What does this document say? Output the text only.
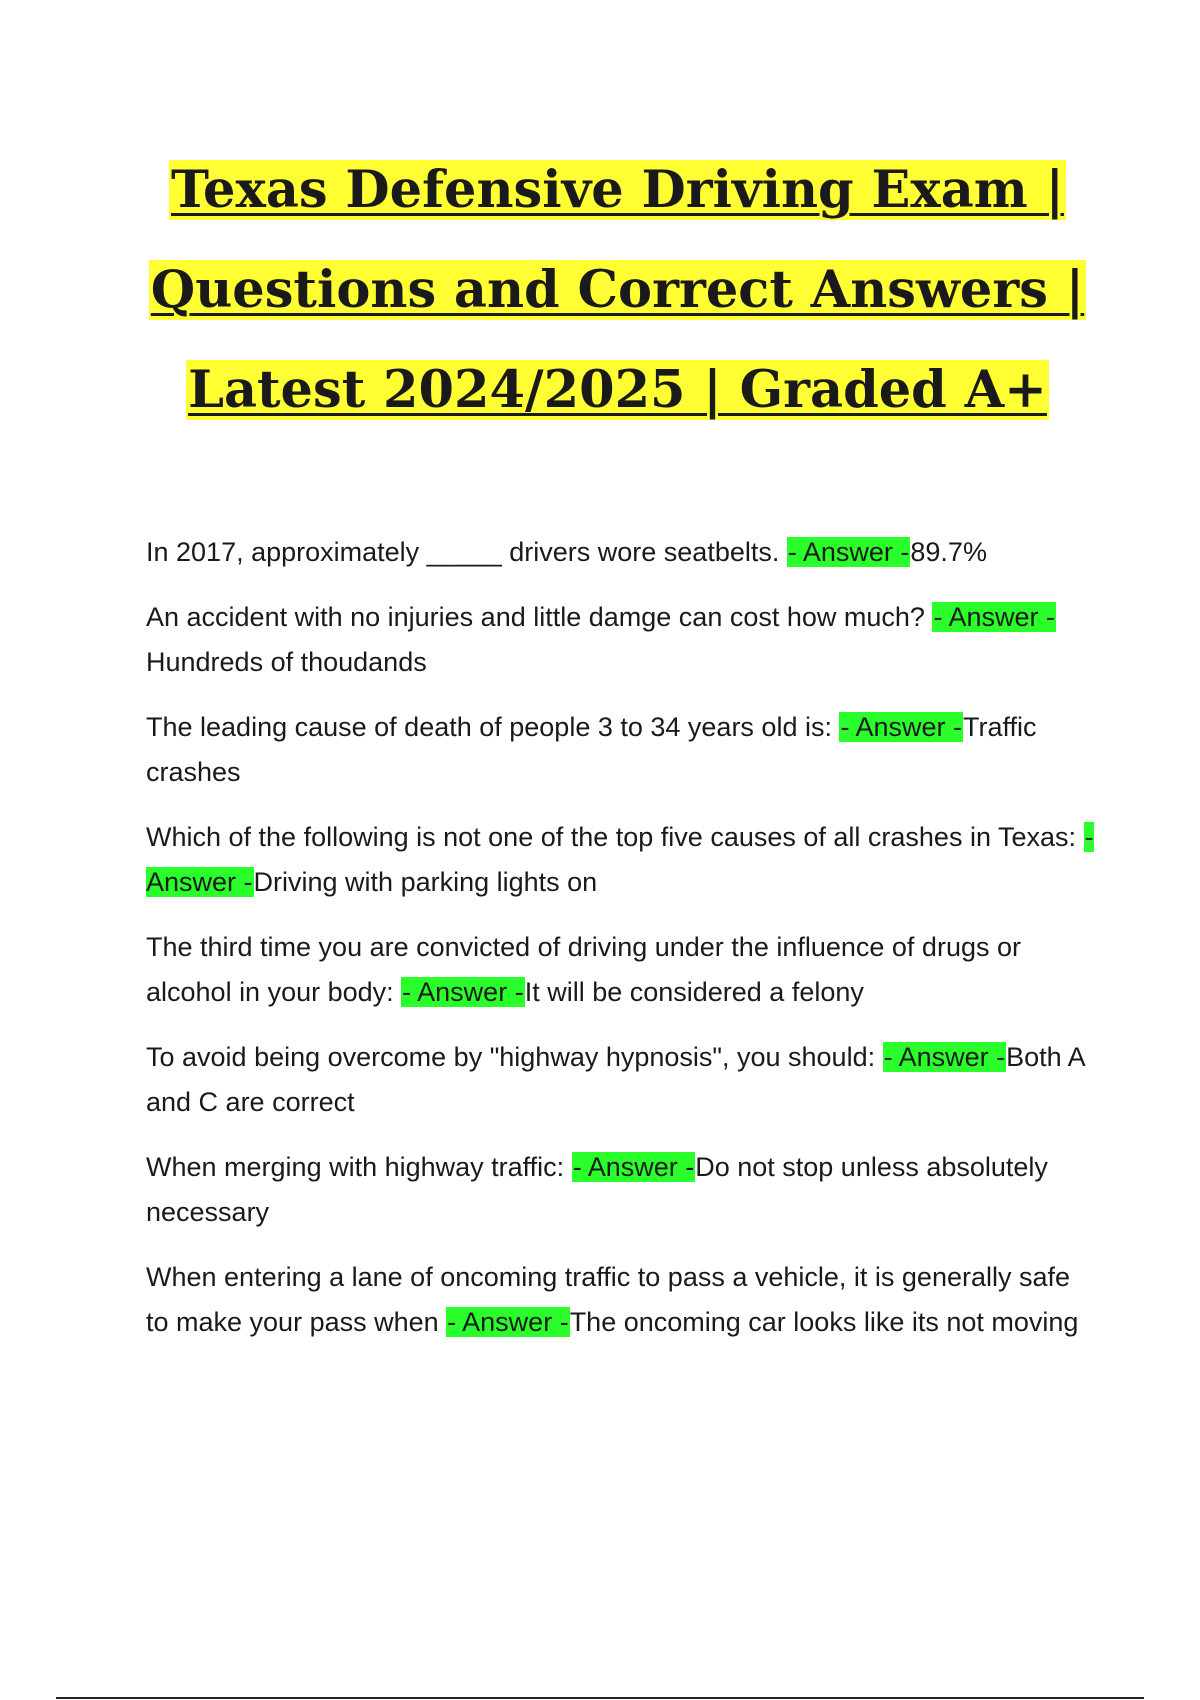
Texas Defensive Driving Exam |
Questions and Correct Answers |
Latest 2024/2025 | Graded A+

In 2017, approximately _____ drivers wore seatbelts. - Answer -89.7%

An accident with no injuries and little damge can cost how much? - Answer -Hundreds of thoudands

The leading cause of death of people 3 to 34 years old is: - Answer -Traffic crashes

Which of the following is not one of the top five causes of all crashes in Texas: - Answer -Driving with parking lights on

The third time you are convicted of driving under the influence of drugs or alcohol in your body: - Answer -It will be considered a felony

To avoid being overcome by "highway hypnosis", you should: - Answer -Both A and C are correct

When merging with highway traffic: - Answer -Do not stop unless absolutely necessary

When entering a lane of oncoming traffic to pass a vehicle, it is generally safe to make your pass when - Answer -The oncoming car looks like its not moving
